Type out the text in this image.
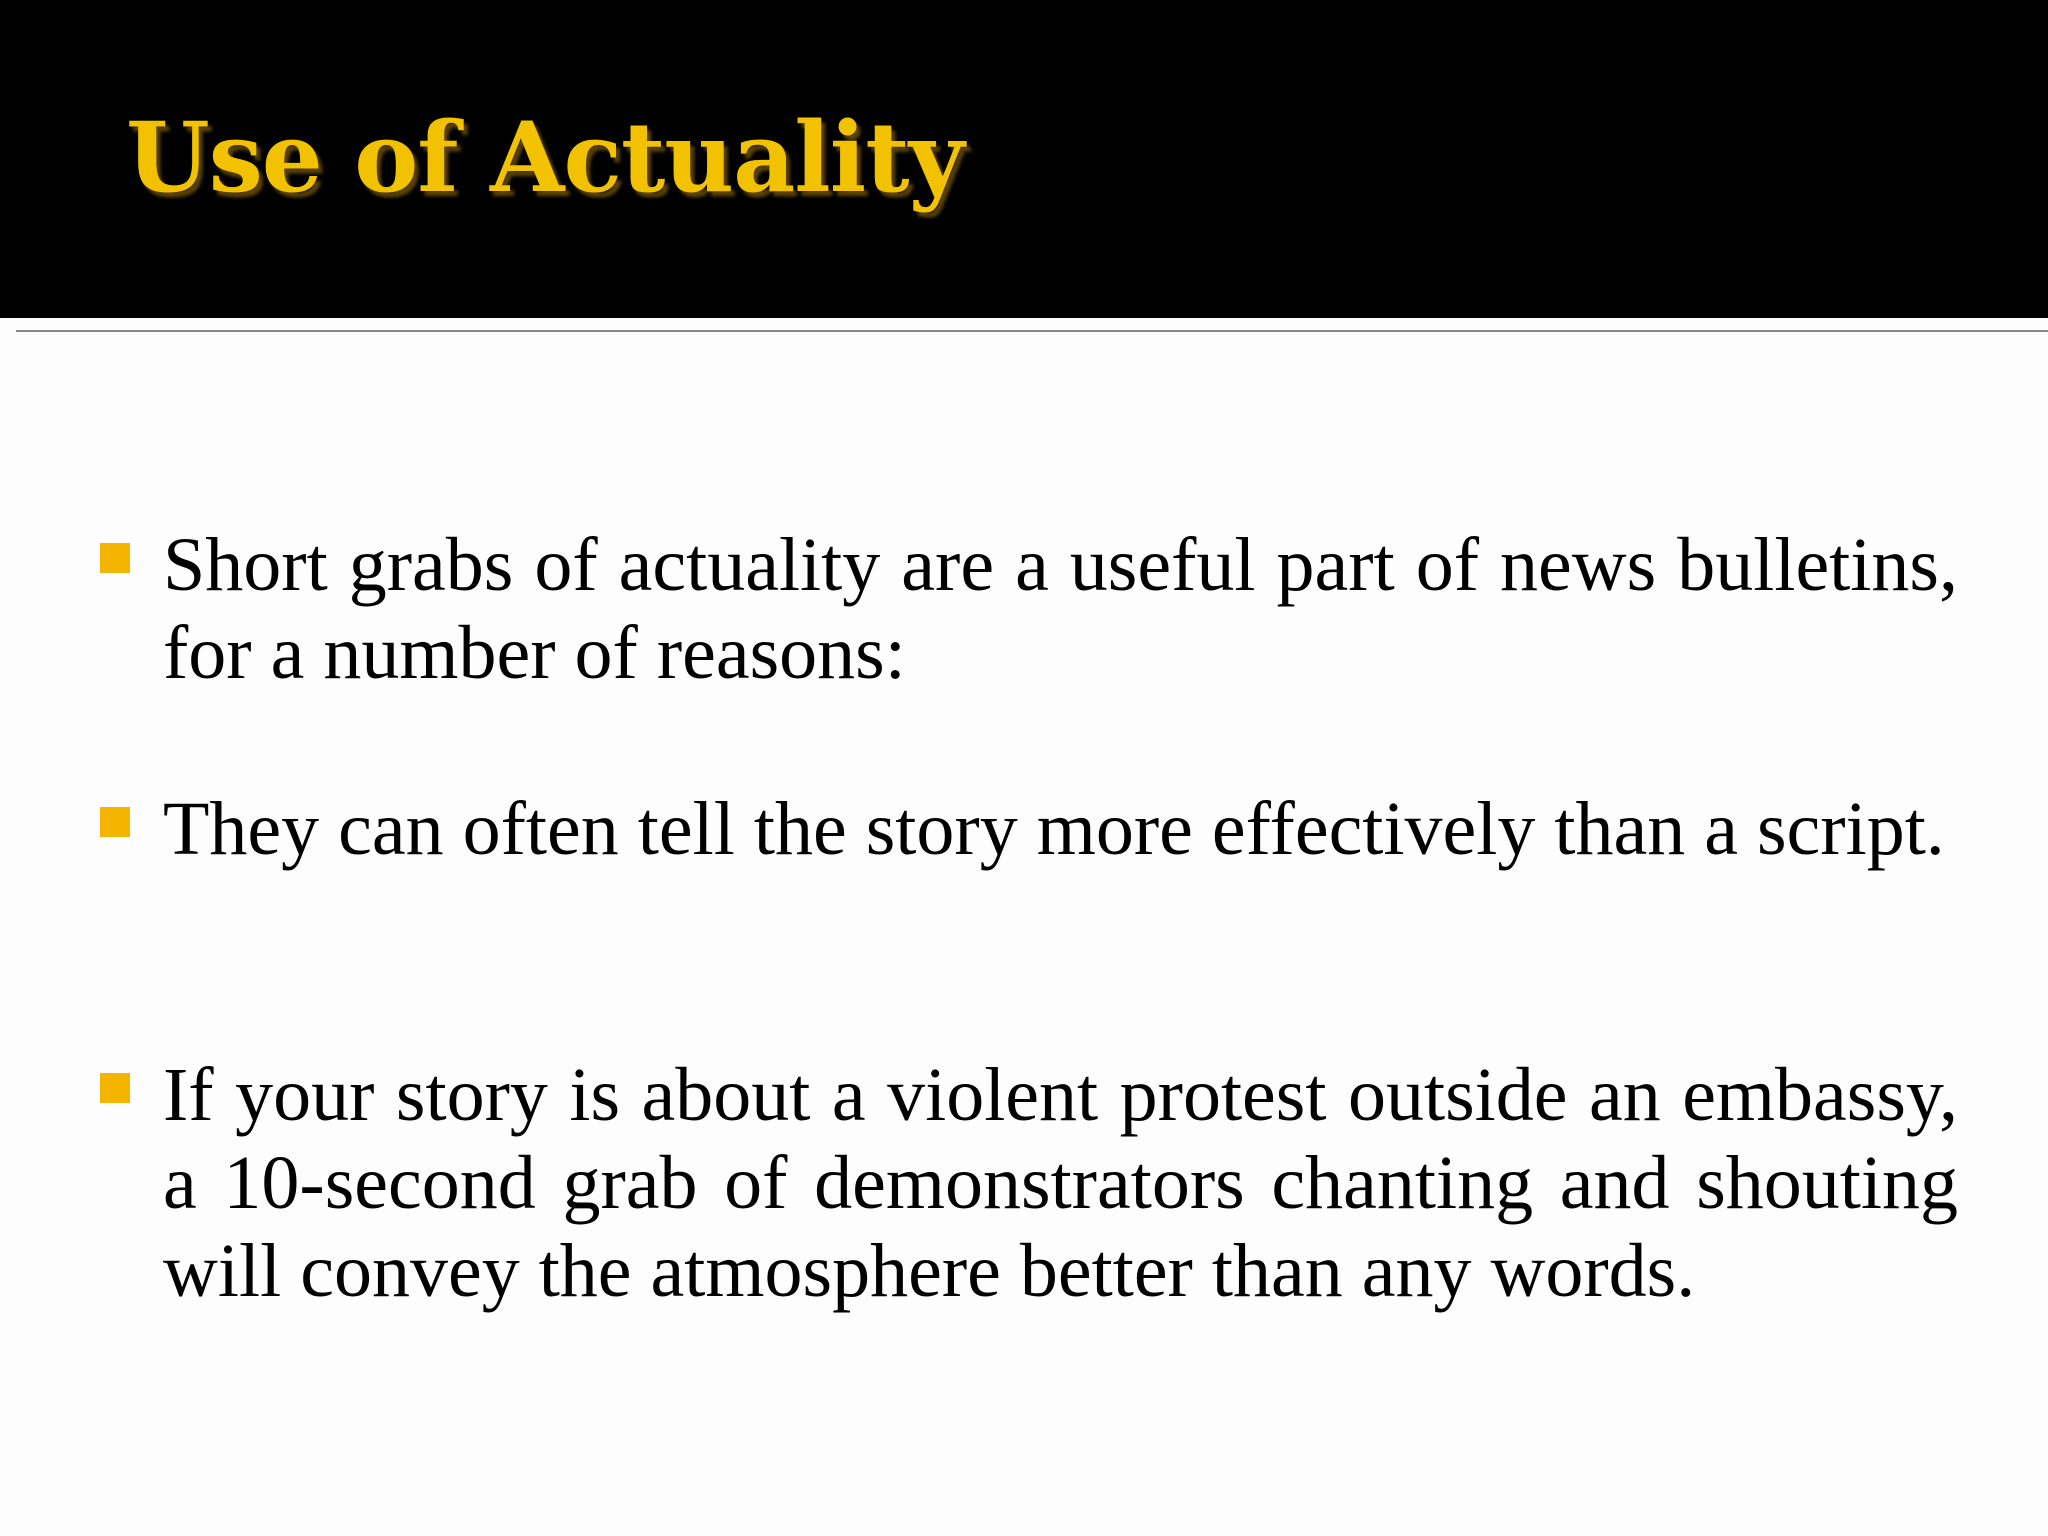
Use of Actuality

Short grabs of actuality are a useful part of news bulletins, for a number of reasons:

They can often tell the story more effectively than a script.

If your story is about a violent protest outside an embassy, a 10-second grab of demonstrators chanting and shouting will convey the atmosphere better than any words.
